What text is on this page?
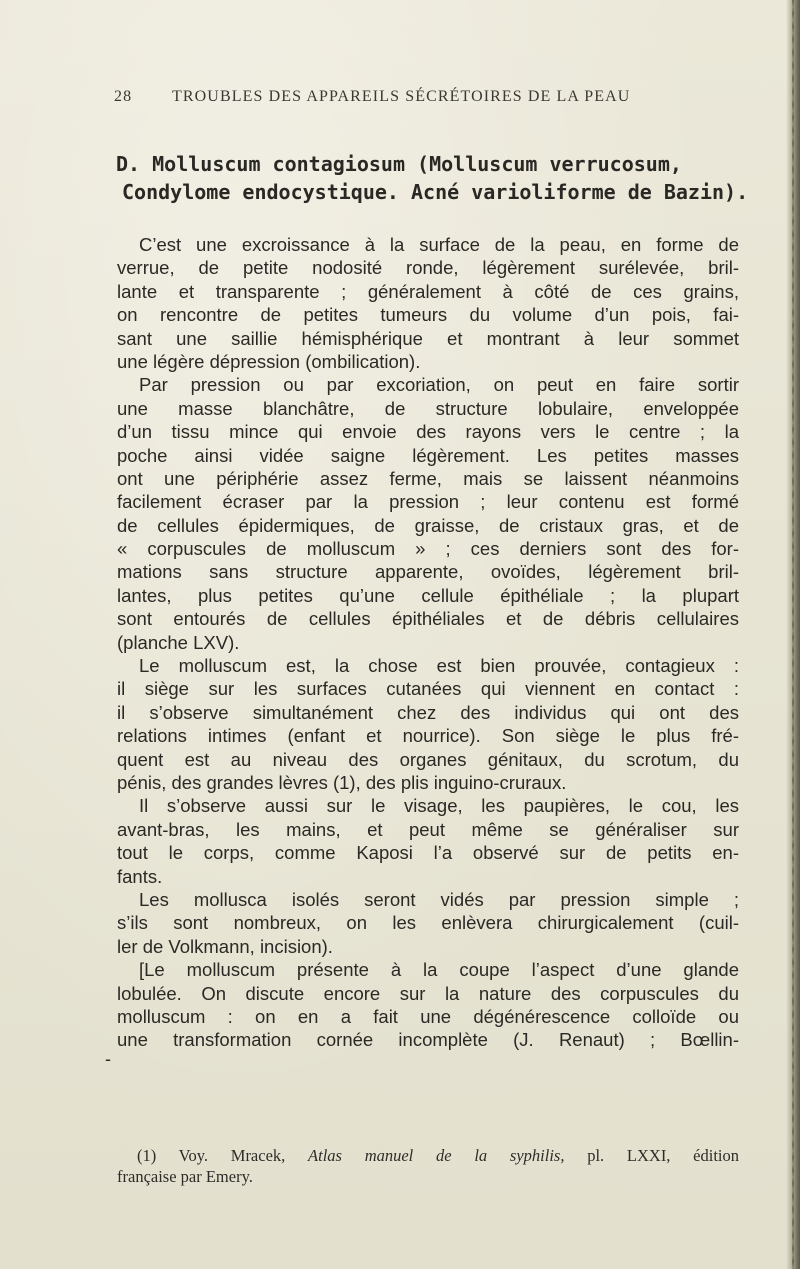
28 TROUBLES DES APPAREILS SÉCRÉTOIRES DE LA PEAU
D. Molluscum contagiosum (Molluscum verrucosum,
Condylome endocystique. Acné varioliforme de Bazin).
C’est une excroissance à la surface de la peau, en forme de
verrue, de petite nodosité ronde, légèrement surélevée, bril-
lante et transparente ; généralement à côté de ces grains,
on rencontre de petites tumeurs du volume d’un pois, fai-
sant une saillie hémisphérique et montrant à leur sommet
une légère dépression (ombilication).
Par pression ou par excoriation, on peut en faire sortir
une masse blanchâtre, de structure lobulaire, enveloppée
d’un tissu mince qui envoie des rayons vers le centre ; la
poche ainsi vidée saigne légèrement. Les petites masses
ont une périphérie assez ferme, mais se laissent néanmoins
facilement écraser par la pression ; leur contenu est formé
de cellules épidermiques, de graisse, de cristaux gras, et de
« corpuscules de molluscum » ; ces derniers sont des for-
mations sans structure apparente, ovoïdes, légèrement bril-
lantes, plus petites qu’une cellule épithéliale ; la plupart
sont entourés de cellules épithéliales et de débris cellulaires
(planche LXV).
Le molluscum est, la chose est bien prouvée, contagieux :
il siège sur les surfaces cutanées qui viennent en contact :
il s’observe simultanément chez des individus qui ont des
relations intimes (enfant et nourrice). Son siège le plus fré-
quent est au niveau des organes génitaux, du scrotum, du
pénis, des grandes lèvres (1), des plis inguino-cruraux.
Il s’observe aussi sur le visage, les paupières, le cou, les
avant-bras, les mains, et peut même se généraliser sur
tout le corps, comme Kaposi l’a observé sur de petits en-
fants.
Les mollusca isolés seront vidés par pression simple ;
s’ils sont nombreux, on les enlèvera chirurgicalement (cuil-
ler de Volkmann, incision).
[Le molluscum présente à la coupe l’aspect d’une glande
lobulée. On discute encore sur la nature des corpuscules du
molluscum : on en a fait une dégénérescence colloïde ou
une transformation cornée incomplète (J. Renaut) ; Bœllin-
-
(1) Voy. Mracek, Atlas manuel de la syphilis, pl. LXXI, édition
française par Emery.
